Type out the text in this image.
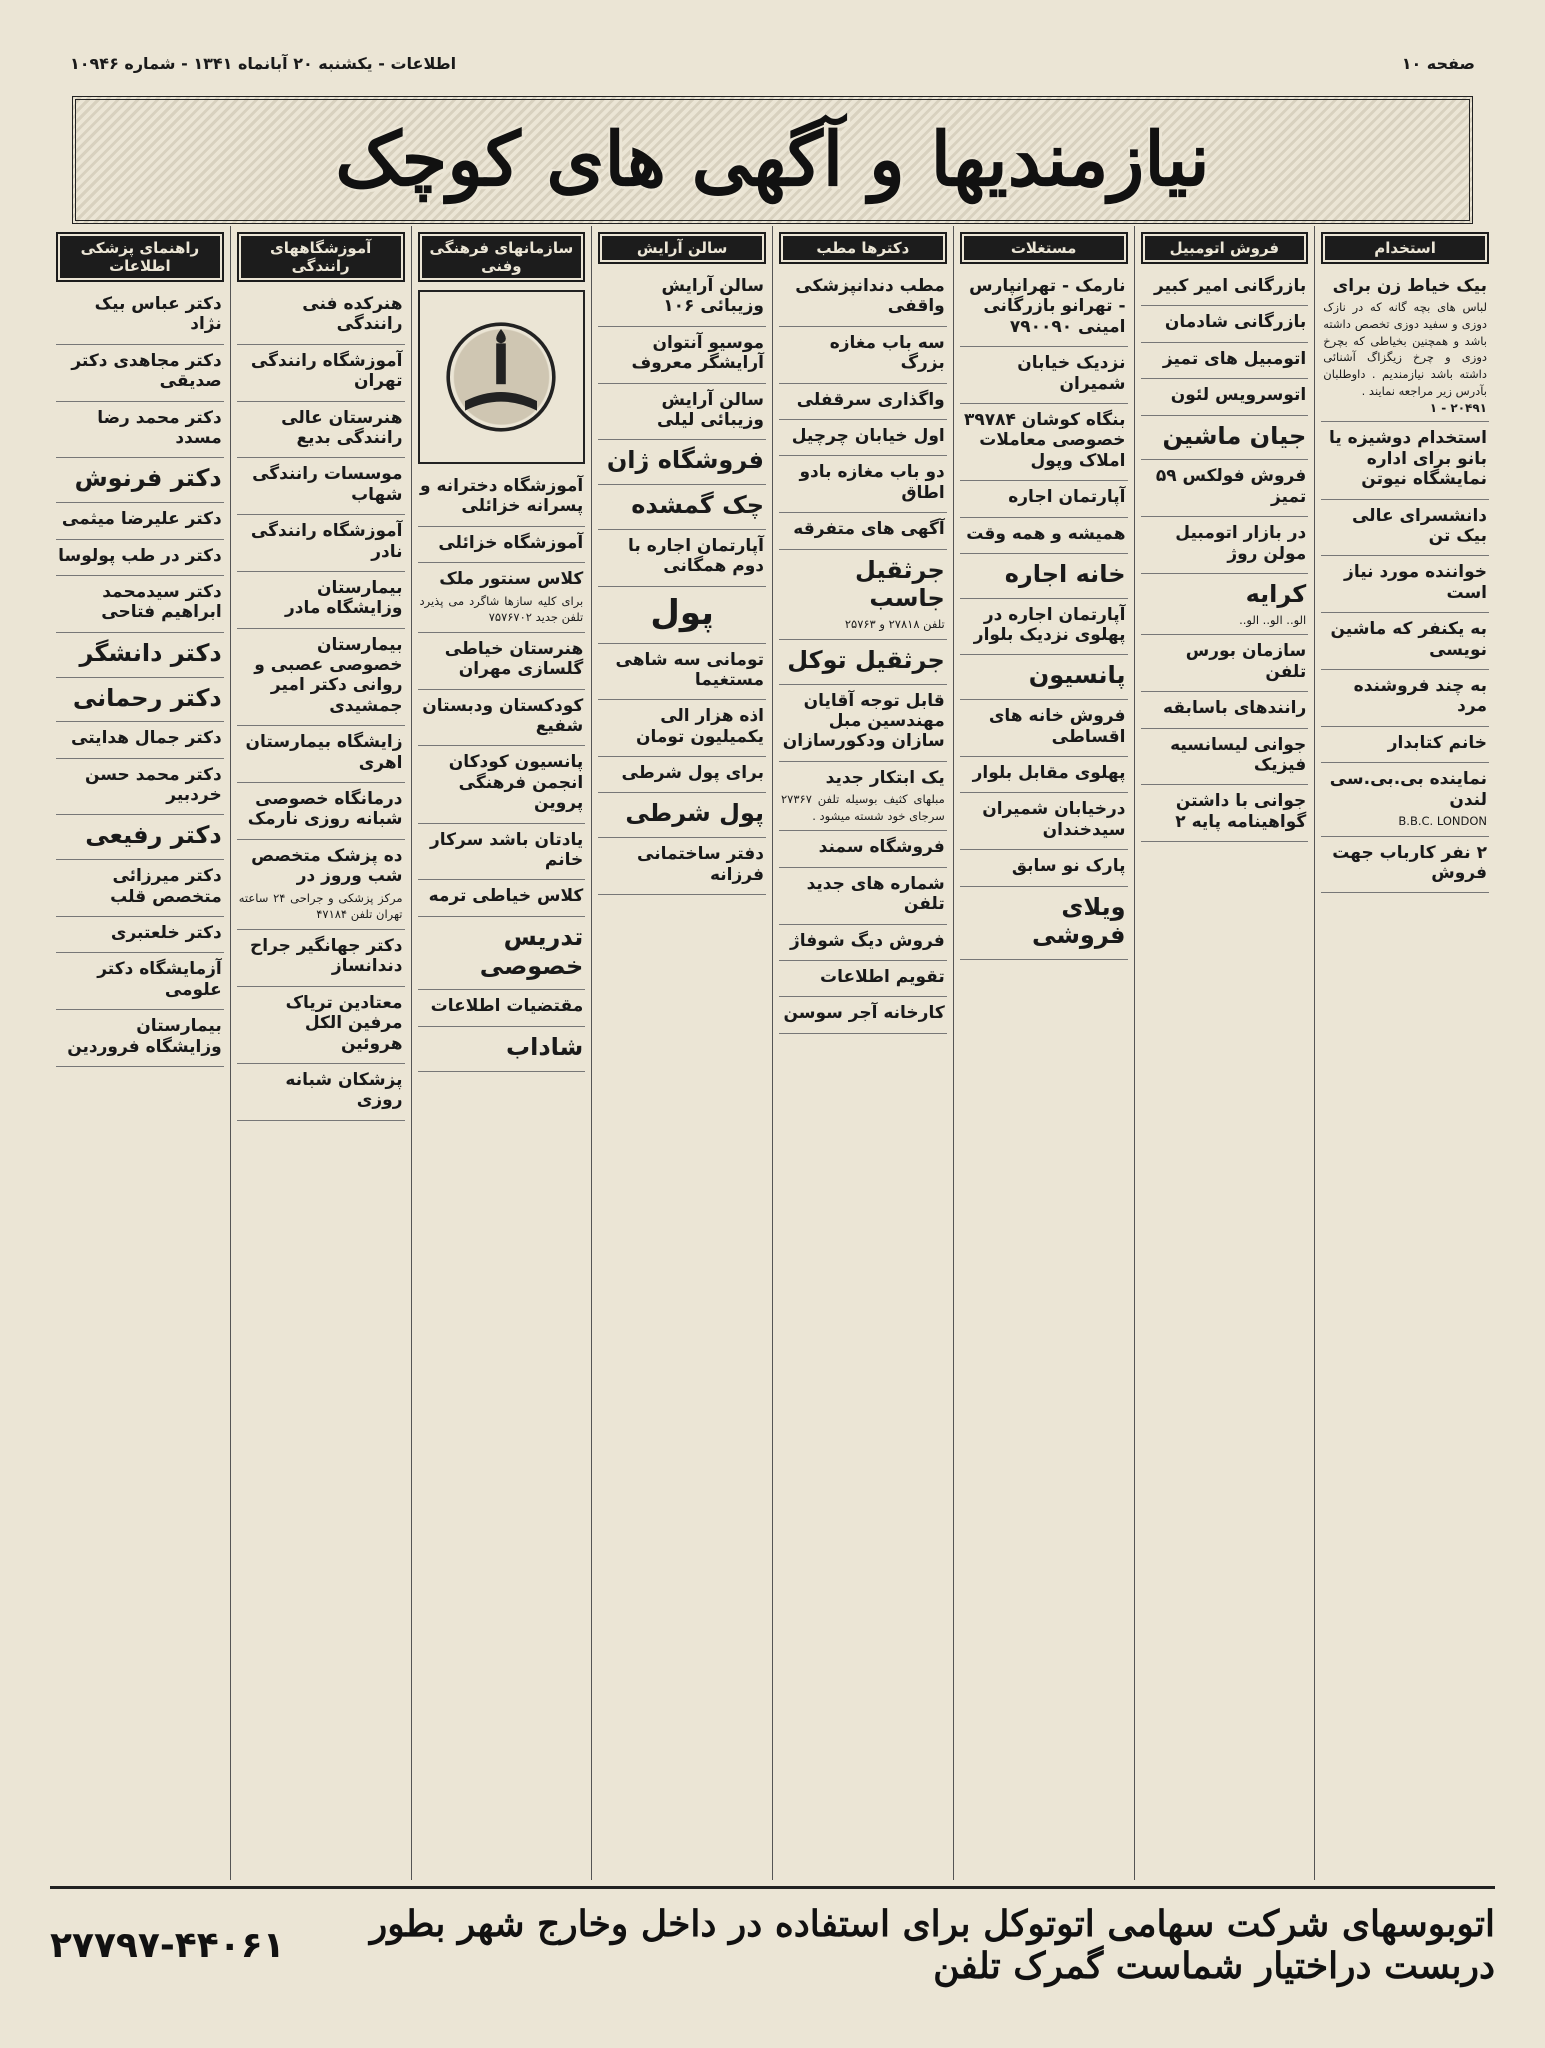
صفحه ۱۰
اطلاعات - یکشنبه ۲۰ آبانماه ۱۳۴۱ - شماره ۱۰۹۴۶
نیازمندیها و آگهی های کوچک
استخدام
بیک خیاط زن برای
لباس های بچه گانه که در نازک دوزی و سفید دوزی تخصص داشته باشد و همچنین بخیاطی که بچرخ دوزی و چرخ زیگزاگ آشنائی داشته باشد نیازمندیم . داوطلبان بآدرس زیر مراجعه نمایند .
۲۰۴۹۱ - ۱
استخدام دوشیزه یا بانو برای اداره نمایشگاه نیوتن
دانشسرای عالی بیک تن
خواننده مورد نیاز است
به یکنفر که ماشین نویسی
به چند فروشنده مرد
خانم کتابدار
نماینده بی.بی.سی لندن
B.B.C. LONDON
۲ نفر کارباب جهت فروش
فروش اتومبیل
بازرگانی امیر کبیر
بازرگانی شادمان
اتومبیل های تمیز
اتوسرویس لئون
جیان ماشین
فروش فولکس ۵۹ تمیز
در بازار اتومبیل مولن روژ
کرایه
الو.. الو.. الو..
سازمان بورس تلفن
رانندهای باسابقه
جوانی لیسانسیه فیزیک
جوانی با داشتن گواهینامه پایه ۲
مستغلات
نارمک - تهرانپارس - تهرانو بازرگانی امینی ۷۹۰۰۹۰
نزدیک خیابان شمیران
بنگاه کوشان ۳۹۷۸۴ خصوصی معاملات املاک وپول
آپارتمان اجاره
همیشه و همه وقت
خانه اجاره
آپارتمان اجاره در پهلوی نزدیک بلوار
پانسیون
فروش خانه های اقساطی
پهلوی مقابل بلوار
درخیابان شمیران سیدخندان
پارک نو سابق
ویلای فروشی
دکترها مطب
مطب دندانپزشکی واقفی
سه باب مغازه بزرگ
واگذاری سرقفلی
اول خیابان چرچیل
دو باب مغازه بادو اطاق
آگهی های متفرقه
جرثقیل جاسب
تلفن ۲۷۸۱۸ و ۲۵۷۶۳
جرثقیل توکل
قابل توجه آقایان مهندسین مبل سازان ودکورسازان
یک ابتکار جدید
مبلهای کثیف بوسیله تلفن ۲۷۳۶۷ سرجای خود شسته میشود .
فروشگاه سمند
شماره های جدید تلفن
فروش دیگ شوفاژ
تقویم اطلاعات
کارخانه آجر سوسن
سالن آرایش
سالن آرایش وزیبائی ۱۰۶
موسیو آنتوان آرایشگر معروف
سالن آرایش وزیبائی لیلی
فروشگاه ژان
چک گمشده
آپارتمان اجاره با دوم همگانی
پول
تومانی سه شاهی مستغیما
اذه هزار الی یکمیلیون تومان
برای پول شرطی
پول شرطی
دفتر ساختمانی فرزانه
سازمانهای فرهنگی وفنی
آموزشگاه دخترانه و پسرانه خزائلی
آموزشگاه خزائلی
کلاس سنتور ملک
برای کلیه سازها شاگرد می پذیرد تلفن جدید ۷۵۷۶۷۰۲
هنرستان خیاطی گلسازی مهران
کودکستان ودبستان شفیع
پانسیون کودکان انجمن فرهنگی پروین
یادتان باشد سرکار خانم
کلاس خیاطی ترمه
تدریس خصوصی
مقتضیات اطلاعات
شاداب
آموزشگاههای رانندگی
هنرکده فنی رانندگی
آموزشگاه رانندگی تهران
هنرستان عالی رانندگی بدیع
موسسات رانندگی شهاب
آموزشگاه رانندگی نادر
بیمارستان وزایشگاه مادر
بیمارستان خصوصی عصبی و روانی دکتر امیر جمشیدی
زایشگاه بیمارستان اهری
درمانگاه خصوصی شبانه روزی نارمک
ده پزشک متخصص شب وروز در
مرکز پزشکی و جراحی ۲۴ ساعته تهران تلفن ۴۷۱۸۴
دکتر جهانگیر جراح دندانساز
معتادین تریاک مرفین الکل هروئین
پزشکان شبانه روزی
راهنمای پزشکی اطلاعات
دکتر عباس بیک نژاد
دکتر مجاهدی دکتر صدیقی
دکتر محمد رضا مسدد
دکتر فرنوش
دکتر علیرضا میثمی
دکتر در طب پولوسا
دکتر سیدمحمد ابراهیم فتاحی
دکتر دانشگر
دکتر رحمانی
دکتر جمال هدایتی
دکتر محمد حسن خردبیر
دکتر رفیعی
دکتر میرزائی متخصص قلب
دکتر خلعتبری
آزمایشگاه دکتر علومی
بیمارستان وزایشگاه فروردین
اتوبوسهای شرکت سهامی اتوتوکل برای استفاده در داخل وخارج شهر بطور دربست دراختیار شماست گمرک تلفن
۲۷۷۹۷-۴۴۰۶۱
